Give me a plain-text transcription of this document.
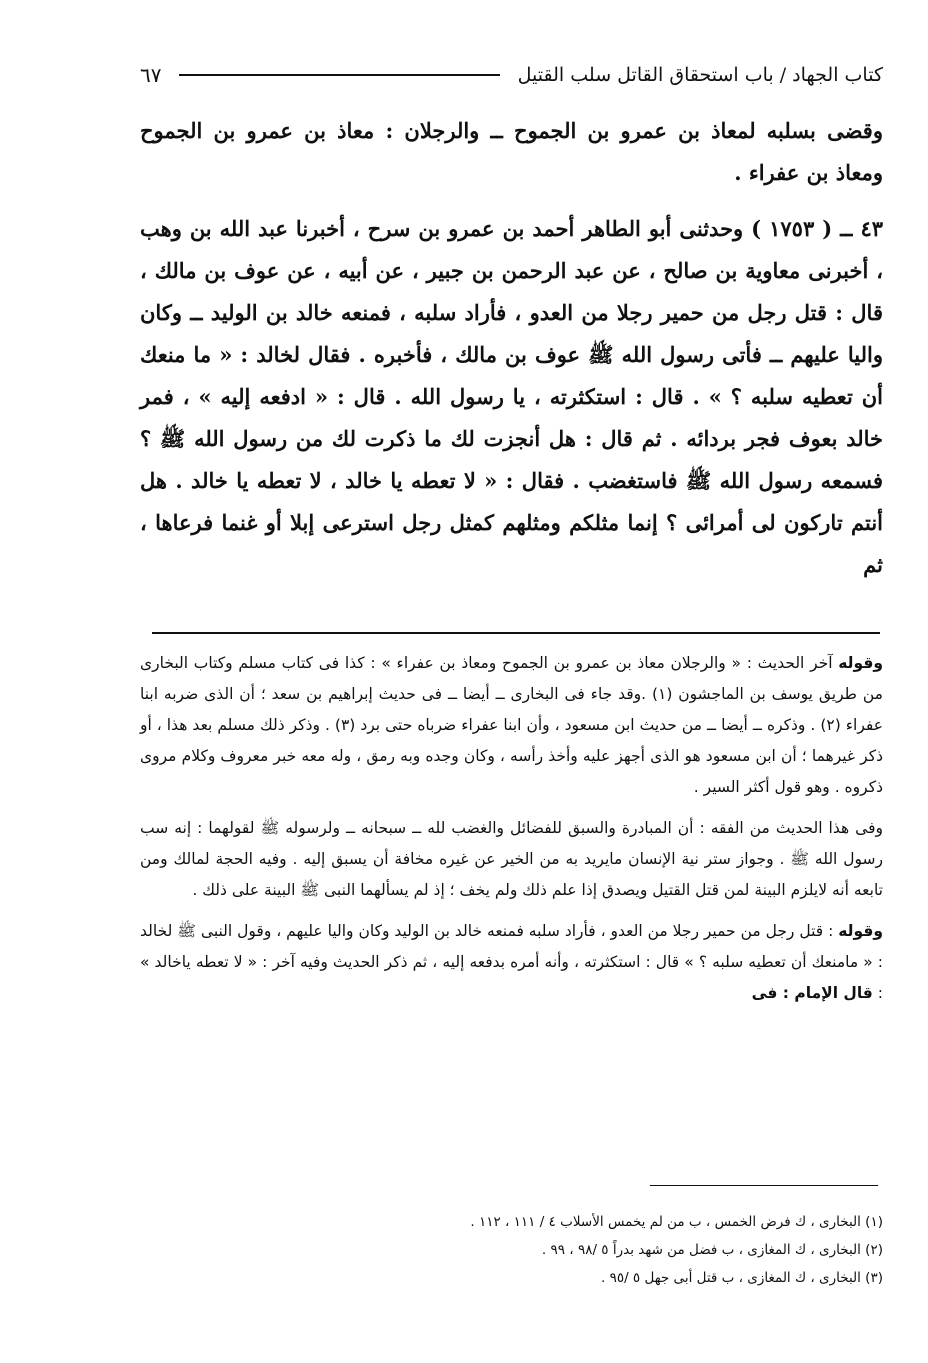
كتاب الجهاد / باب استحقاق القاتل سلب القتيل
٦٧

وقضى بسلبه لمعاذ بن عمرو بن الجموح ــ والرجلان : معاذ بن عمرو بن الجموح ومعاذ بن عفراء .

٤٣ ــ ( ١٧٥٣ ) وحدثنى أبو الطاهر أحمد بن عمرو بن سرح ، أخبرنا عبد الله بن وهب ، أخبرنى معاوية بن صالح ، عن عبد الرحمن بن جبير ، عن أبيه ، عن عوف بن مالك ، قال : قتل رجل من حمير رجلا من العدو ، فأراد سلبه ، فمنعه خالد بن الوليد ــ وكان واليا عليهم ــ فأتى رسول الله ﷺ عوف بن مالك ، فأخبره . فقال لخالد : « ما منعك أن تعطيه سلبه ؟ » . قال : استكثرته ، يا رسول الله . قال : « ادفعه إليه » ، فمر خالد بعوف فجر بردائه . ثم قال : هل أنجزت لك ما ذكرت لك من رسول الله ﷺ ؟ فسمعه رسول الله ﷺ فاستغضب . فقال : « لا تعطه يا خالد ، لا تعطه يا خالد . هل أنتم تاركون لى أمرائى ؟ إنما مثلكم ومثلهم كمثل رجل استرعى إبلا أو غنما فرعاها ، ثم

وقوله آخر الحديث : « والرجلان معاذ بن عمرو بن الجموح ومعاذ بن عفراء » : كذا فى كتاب مسلم وكتاب البخارى من طريق يوسف بن الماجشون (١) .وقد جاء فى البخارى ــ أيضا ــ فى حديث إبراهيم بن سعد ؛ أن الذى ضربه ابنا عفراء (٢) . وذكره ــ أيضا ــ من حديث ابن مسعود ، وأن ابنا عفراء ضرباه حتى برد (٣) . وذكر ذلك مسلم بعد هذا ، أو ذكر غيرهما ؛ أن ابن مسعود هو الذى أجهز عليه وأخذ رأسه ، وكان وجده وبه رمق ، وله معه خبر معروف وكلام مروى ذكروه . وهو قول أكثر السير .

وفى هذا الحديث من الفقه : أن المبادرة والسبق للفضائل والغضب لله ــ سبحانه ــ ولرسوله ﷺ لقولهما : إنه سب رسول الله ﷺ . وجواز ستر نية الإنسان مايريد به من الخير عن غيره مخافة أن يسبق إليه . وفيه الحجة لمالك ومن تابعه أنه لايلزم البينة لمن قتل القتيل ويصدق إذا علم ذلك ولم يخف ؛ إذ لم يسألهما النبى ﷺ البينة على ذلك .

وقوله : قتل رجل من حمير رجلا من العدو ، فأراد سلبه فمنعه خالد بن الوليد وكان واليا عليهم ، وقول النبى ﷺ لخالد : « مامنعك أن تعطيه سلبه ؟ » قال : استكثرته ، وأنه أمره بدفعه إليه ، ثم ذكر الحديث وفيه آخر : « لا تعطه ياخالد » : قال الإمام : فى

(١) البخارى ، ك فرض الخمس ، ب من لم يخمس الأسلاب ٤ / ١١١ ، ١١٢ .
(٢) البخارى ، ك المغازى ، ب فضل من شهد بدراً ٥ /٩٨ ، ٩٩ .
(٣) البخارى ، ك المغازى ، ب قتل أبى جهل ٥ /٩٥ .
